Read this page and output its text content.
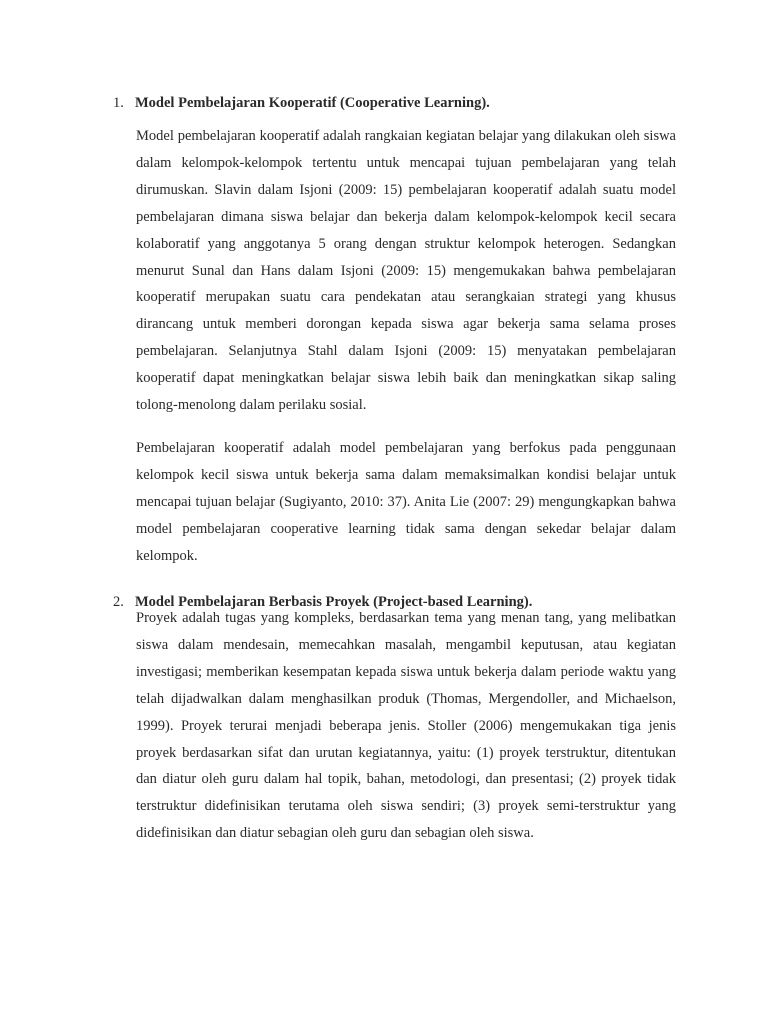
1. Model Pembelajaran Kooperatif (Cooperative Learning).

Model pembelajaran kooperatif adalah rangkaian kegiatan belajar yang dilakukan oleh siswa dalam kelompok-kelompok tertentu untuk mencapai tujuan pembelajaran yang telah dirumuskan. Slavin dalam Isjoni (2009: 15) pembelajaran kooperatif adalah suatu model pembelajaran dimana siswa belajar dan bekerja dalam kelompok-kelompok kecil secara kolaboratif yang anggotanya 5 orang dengan struktur kelompok heterogen. Sedangkan menurut Sunal dan Hans dalam Isjoni (2009: 15) mengemukakan bahwa pembelajaran kooperatif merupakan suatu cara pendekatan atau serangkaian strategi yang khusus dirancang untuk memberi dorongan kepada siswa agar bekerja sama selama proses pembelajaran. Selanjutnya Stahl dalam Isjoni (2009: 15) menyatakan pembelajaran kooperatif dapat meningkatkan belajar siswa lebih baik dan meningkatkan sikap saling tolong-menolong dalam perilaku sosial.

Pembelajaran kooperatif adalah model pembelajaran yang berfokus pada penggunaan kelompok kecil siswa untuk bekerja sama dalam memaksimalkan kondisi belajar untuk mencapai tujuan belajar (Sugiyanto, 2010: 37). Anita Lie (2007: 29) mengungkapkan bahwa model pembelajaran cooperative learning tidak sama dengan sekedar belajar dalam kelompok.

2. Model Pembelajaran Berbasis Proyek (Project-based Learning).

Proyek adalah tugas yang kompleks, berdasarkan tema yang menan tang, yang melibatkan siswa dalam mendesain, memecahkan masalah, mengambil keputusan, atau kegiatan investigasi; memberikan kesempatan kepada siswa untuk bekerja dalam periode waktu yang telah dijadwalkan dalam menghasilkan produk (Thomas, Mergendoller, and Michaelson, 1999). Proyek terurai menjadi beberapa jenis. Stoller (2006) mengemukakan tiga jenis proyek berdasarkan sifat dan urutan kegiatannya, yaitu: (1) proyek terstruktur, ditentukan dan diatur oleh guru dalam hal topik, bahan, metodologi, dan presentasi; (2) proyek tidak terstruktur didefinisikan terutama oleh siswa sendiri; (3) proyek semi-terstruktur yang didefinisikan dan diatur sebagian oleh guru dan sebagian oleh siswa.
